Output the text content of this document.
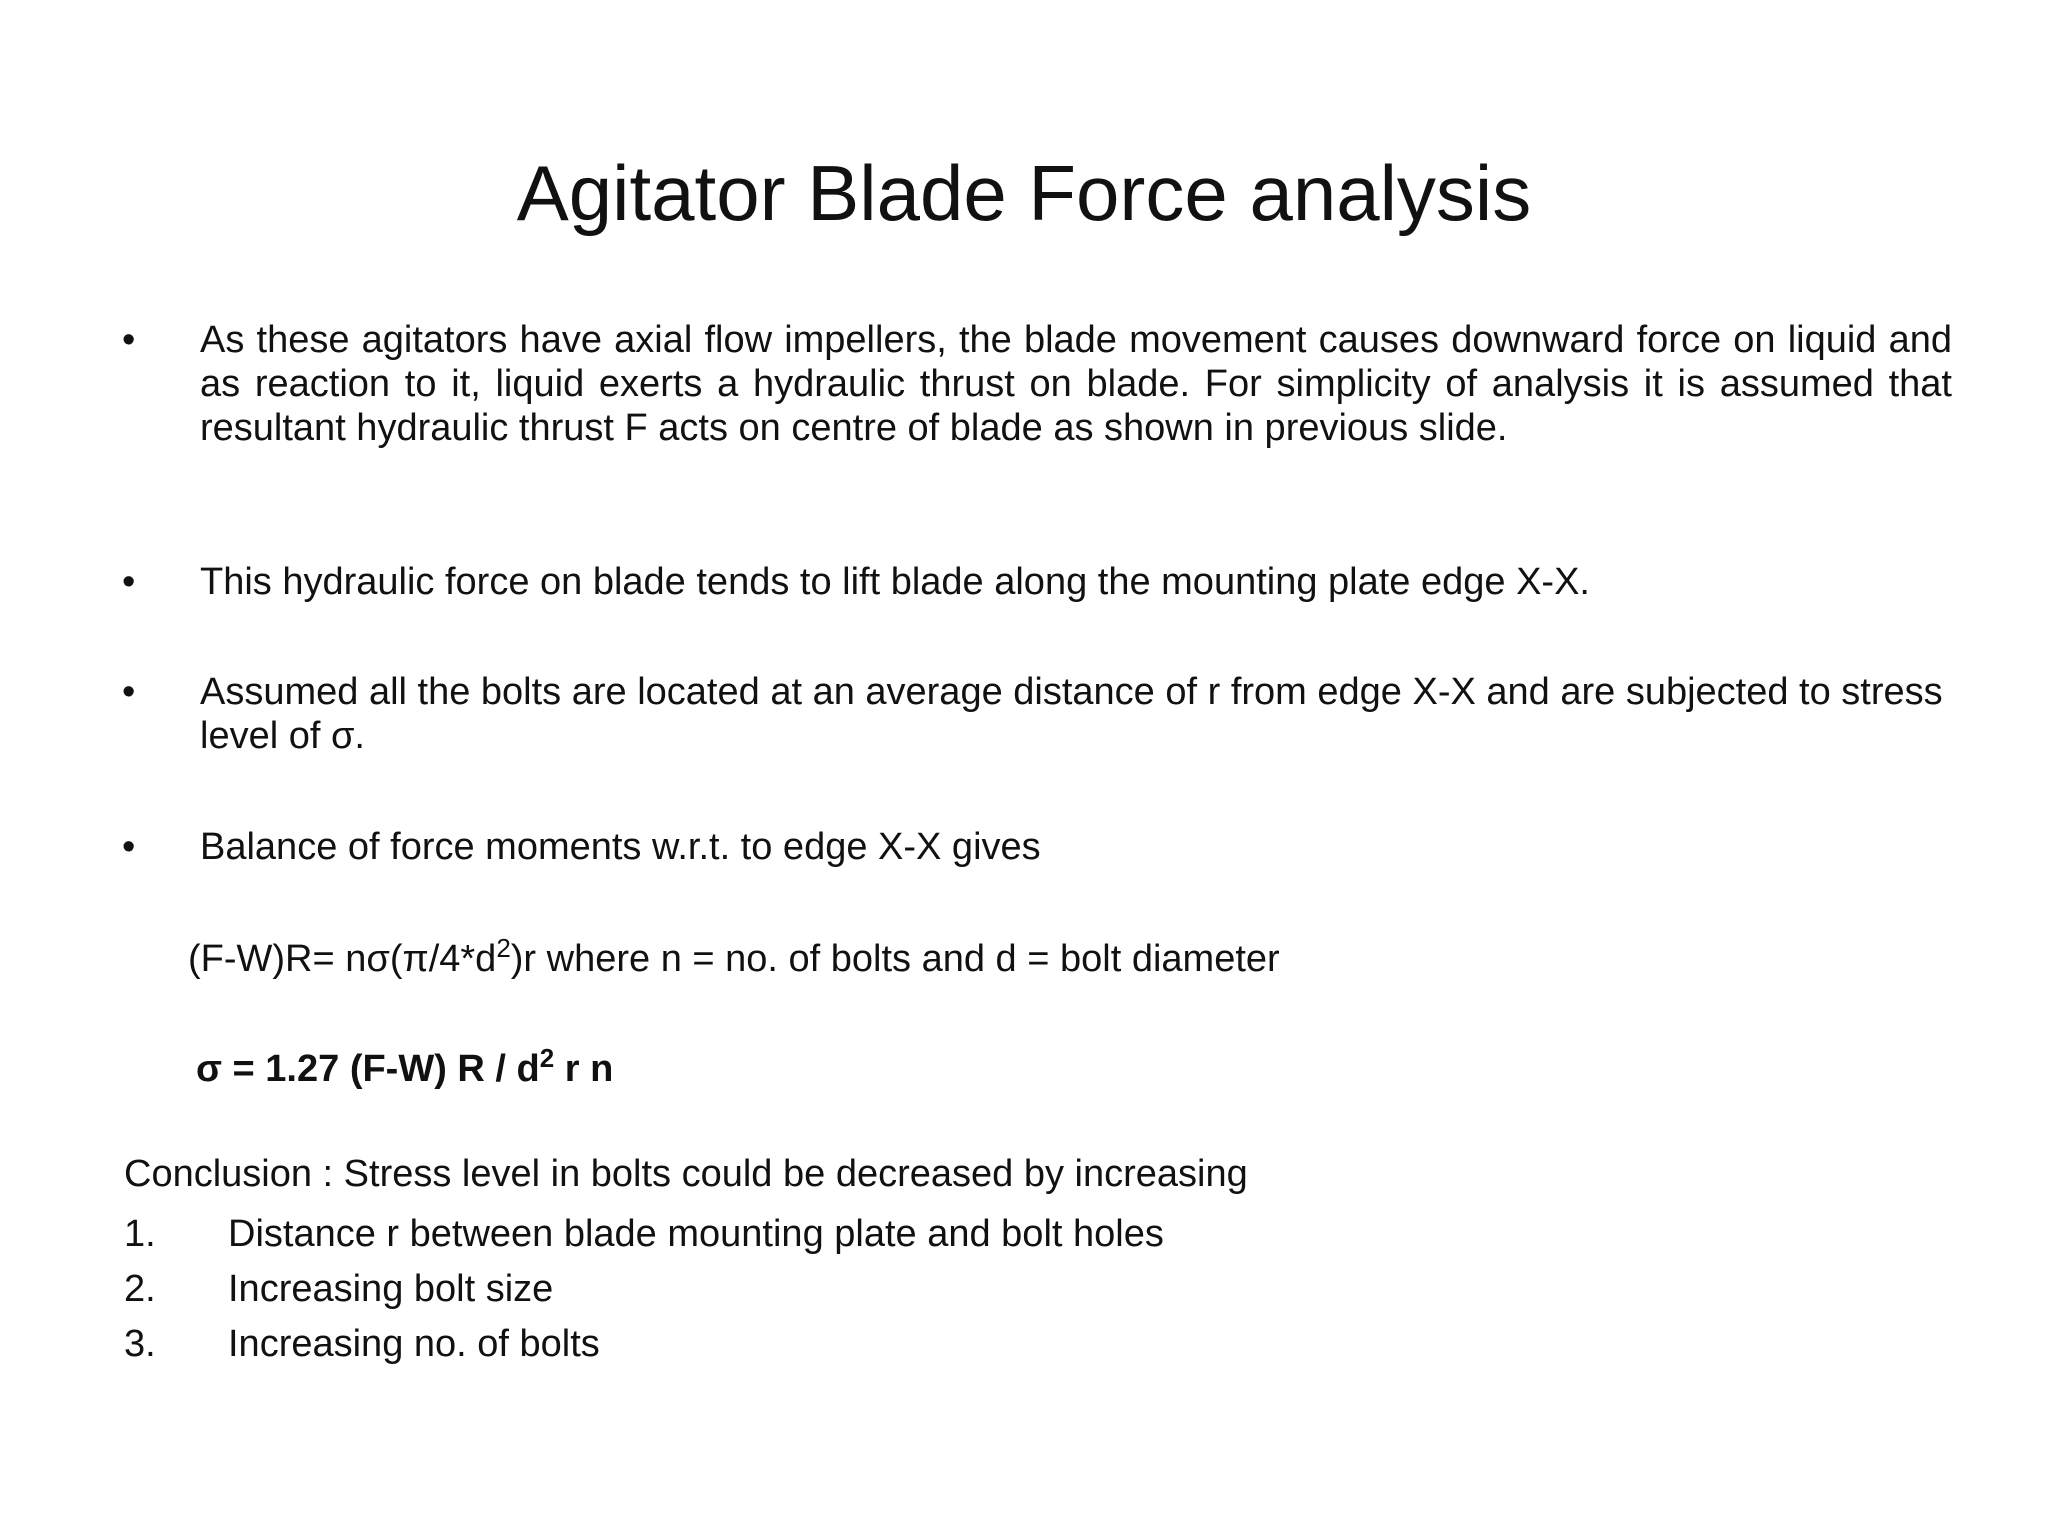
Agitator Blade Force analysis
•	As these agitators have axial flow impellers, the blade movement causes downward force on liquid and as reaction to it, liquid exerts a hydraulic thrust on blade. For simplicity of analysis it is assumed that resultant hydraulic thrust F acts on centre of blade as shown in previous slide.
•	This hydraulic force on blade tends to lift blade along the mounting plate edge X-X.
•	Assumed all the bolts are located at an average distance of r from edge X-X and are subjected to stress level of σ.
•	Balance of force moments w.r.t. to edge X-X gives
$(F-W)R= n\sigma(\pi/4*d^2)r$ where n = no. of bolts and d = bolt diameter
σ = 1.27 (F-W) R / $d^2$ r n
Conclusion : Stress level in bolts could be decreased by increasing
1. Distance r between blade mounting plate and bolt holes
2. Increasing bolt size
3. Increasing no. of bolts
